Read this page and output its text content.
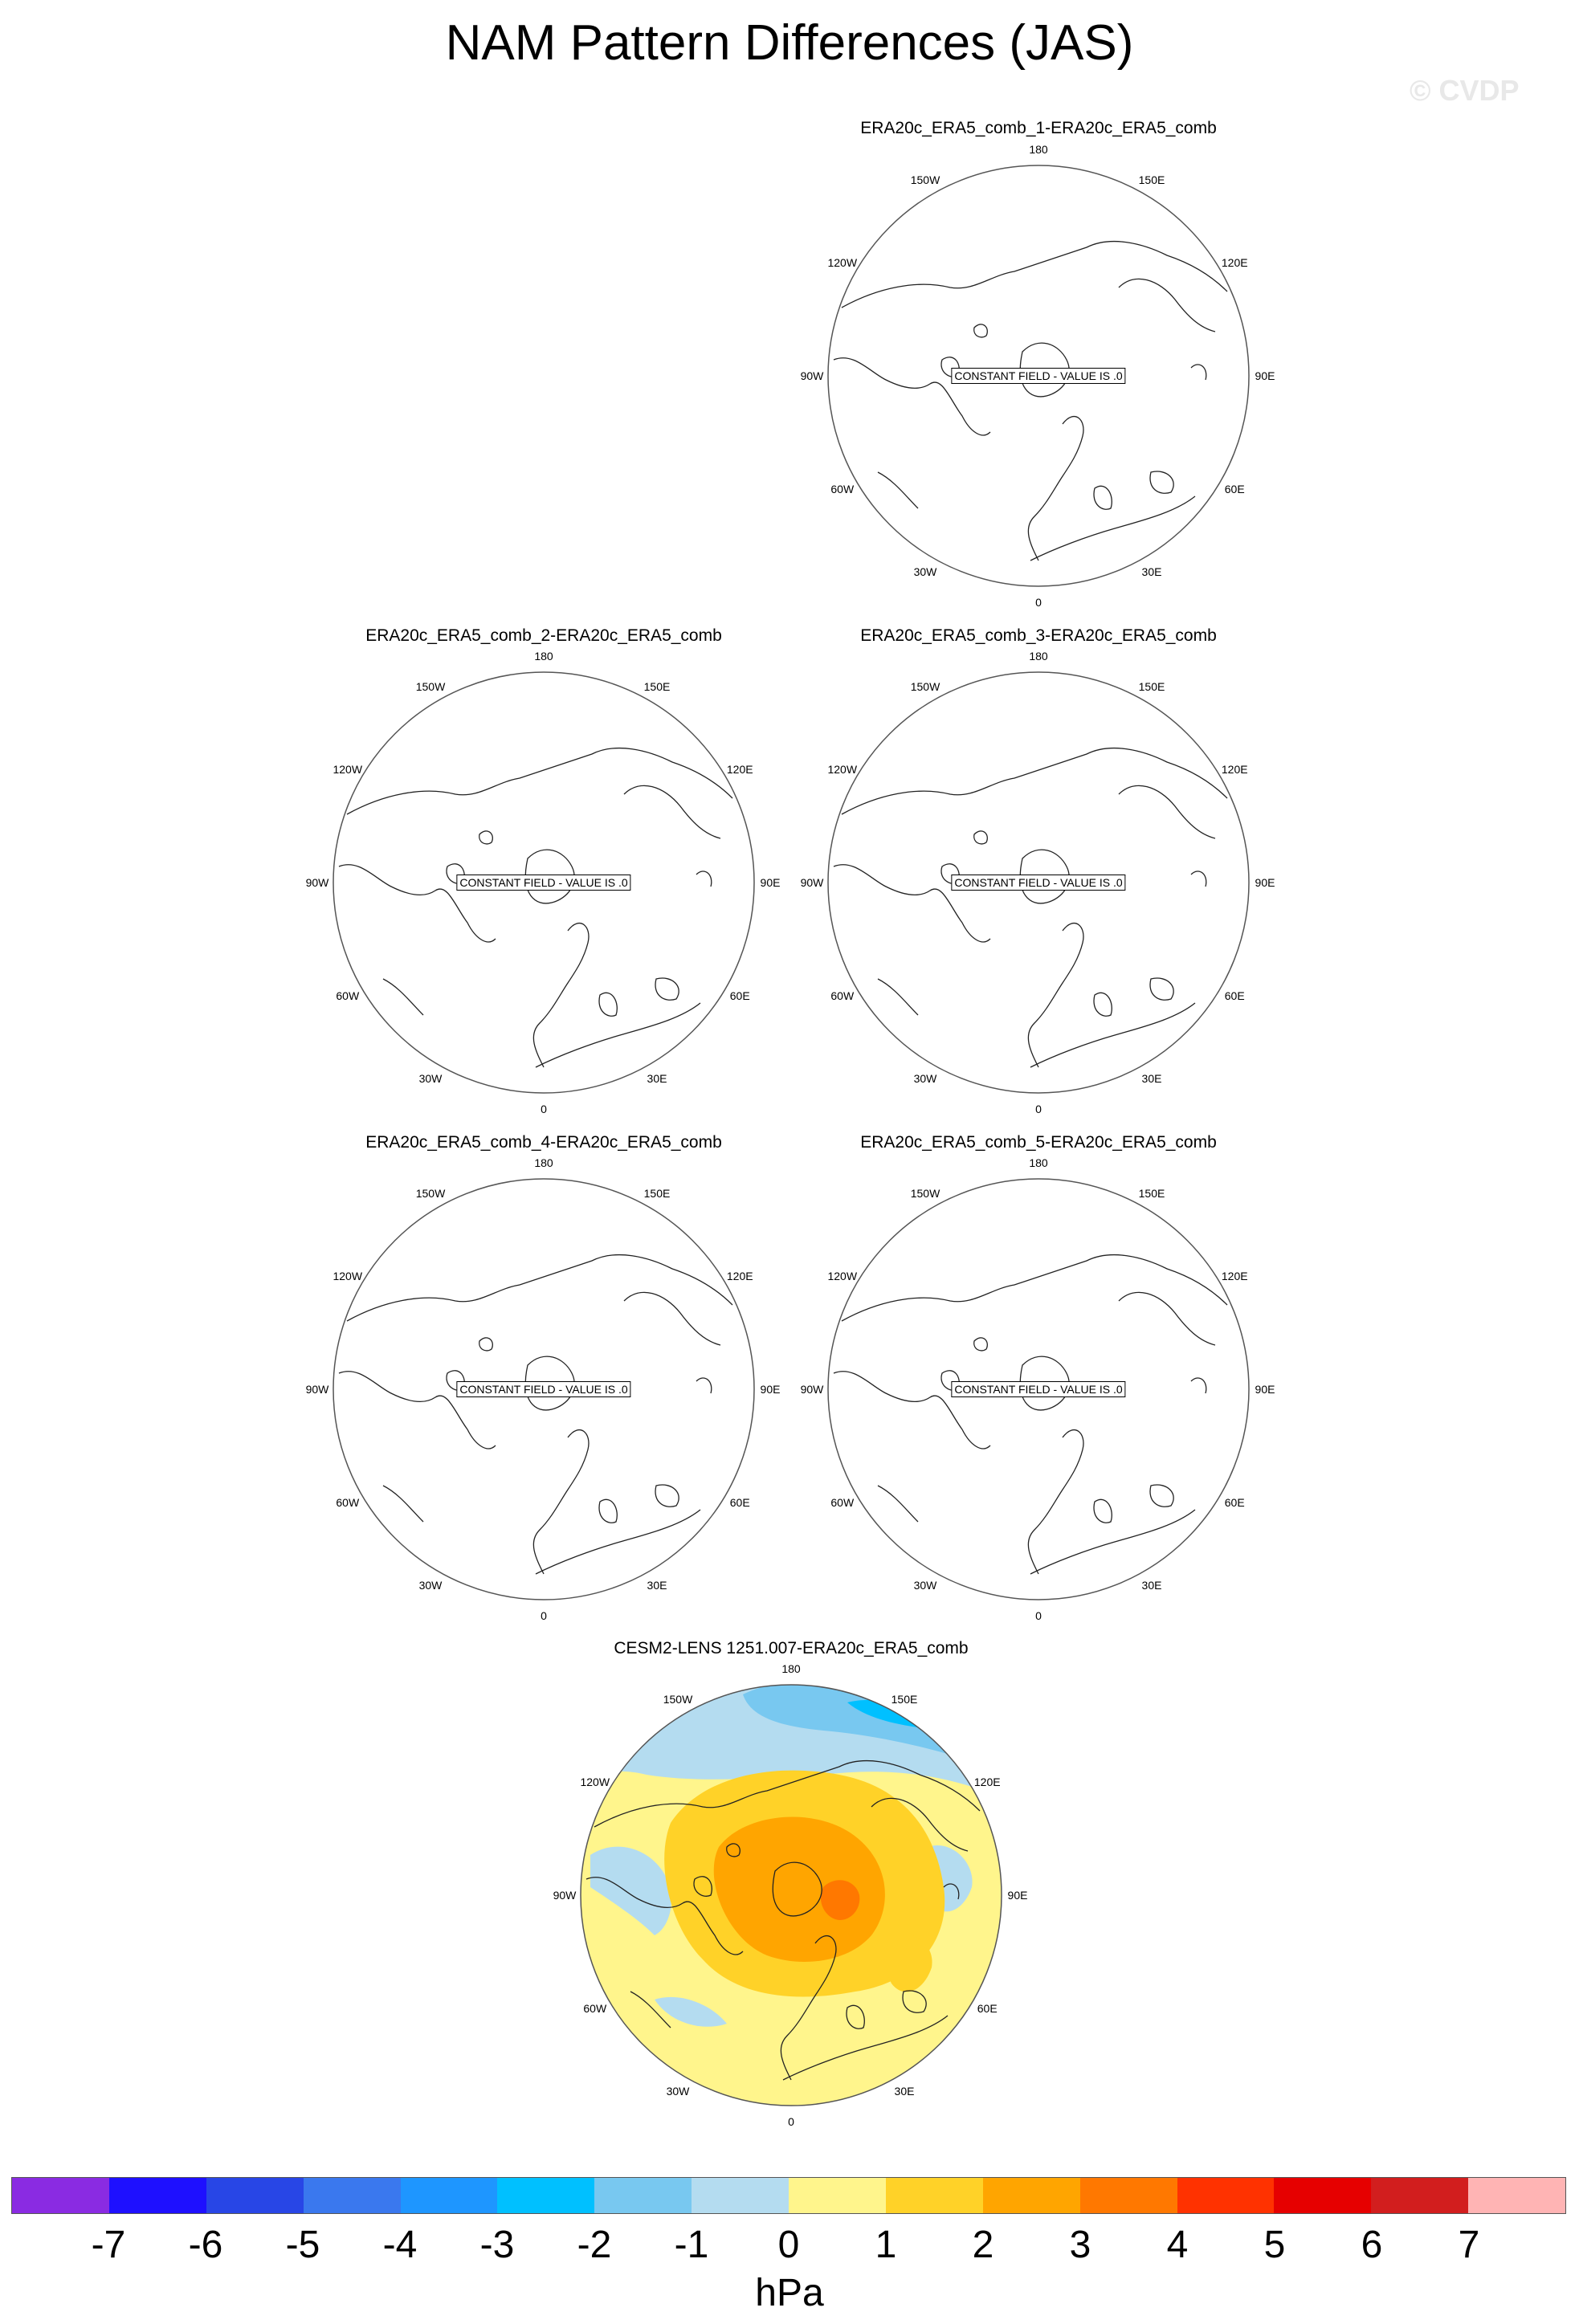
NAM Pattern Differences (JAS)
© CVDP
ERA20c_ERA5_comb_1-ERA20c_ERA5_comb
180
150E
120E
90E
60E
30E
0
30W
60W
90W
120W
150W
CONSTANT FIELD - VALUE IS .0
ERA20c_ERA5_comb_2-ERA20c_ERA5_comb
180
150E
120E
90E
60E
30E
0
30W
60W
90W
120W
150W
CONSTANT FIELD - VALUE IS .0
ERA20c_ERA5_comb_3-ERA20c_ERA5_comb
180
150E
120E
90E
60E
30E
0
30W
60W
90W
120W
150W
CONSTANT FIELD - VALUE IS .0
ERA20c_ERA5_comb_4-ERA20c_ERA5_comb
180
150E
120E
90E
60E
30E
0
30W
60W
90W
120W
150W
CONSTANT FIELD - VALUE IS .0
ERA20c_ERA5_comb_5-ERA20c_ERA5_comb
180
150E
120E
90E
60E
30E
0
30W
60W
90W
120W
150W
CONSTANT FIELD - VALUE IS .0
CESM2-LENS 1251.007-ERA20c_ERA5_comb
180
150E
120E
90E
60E
30E
0
30W
60W
90W
120W
150W
-7 -6 -5 -4 -3 -2 -1 0 1 2 3 4 5 6 7
hPa
